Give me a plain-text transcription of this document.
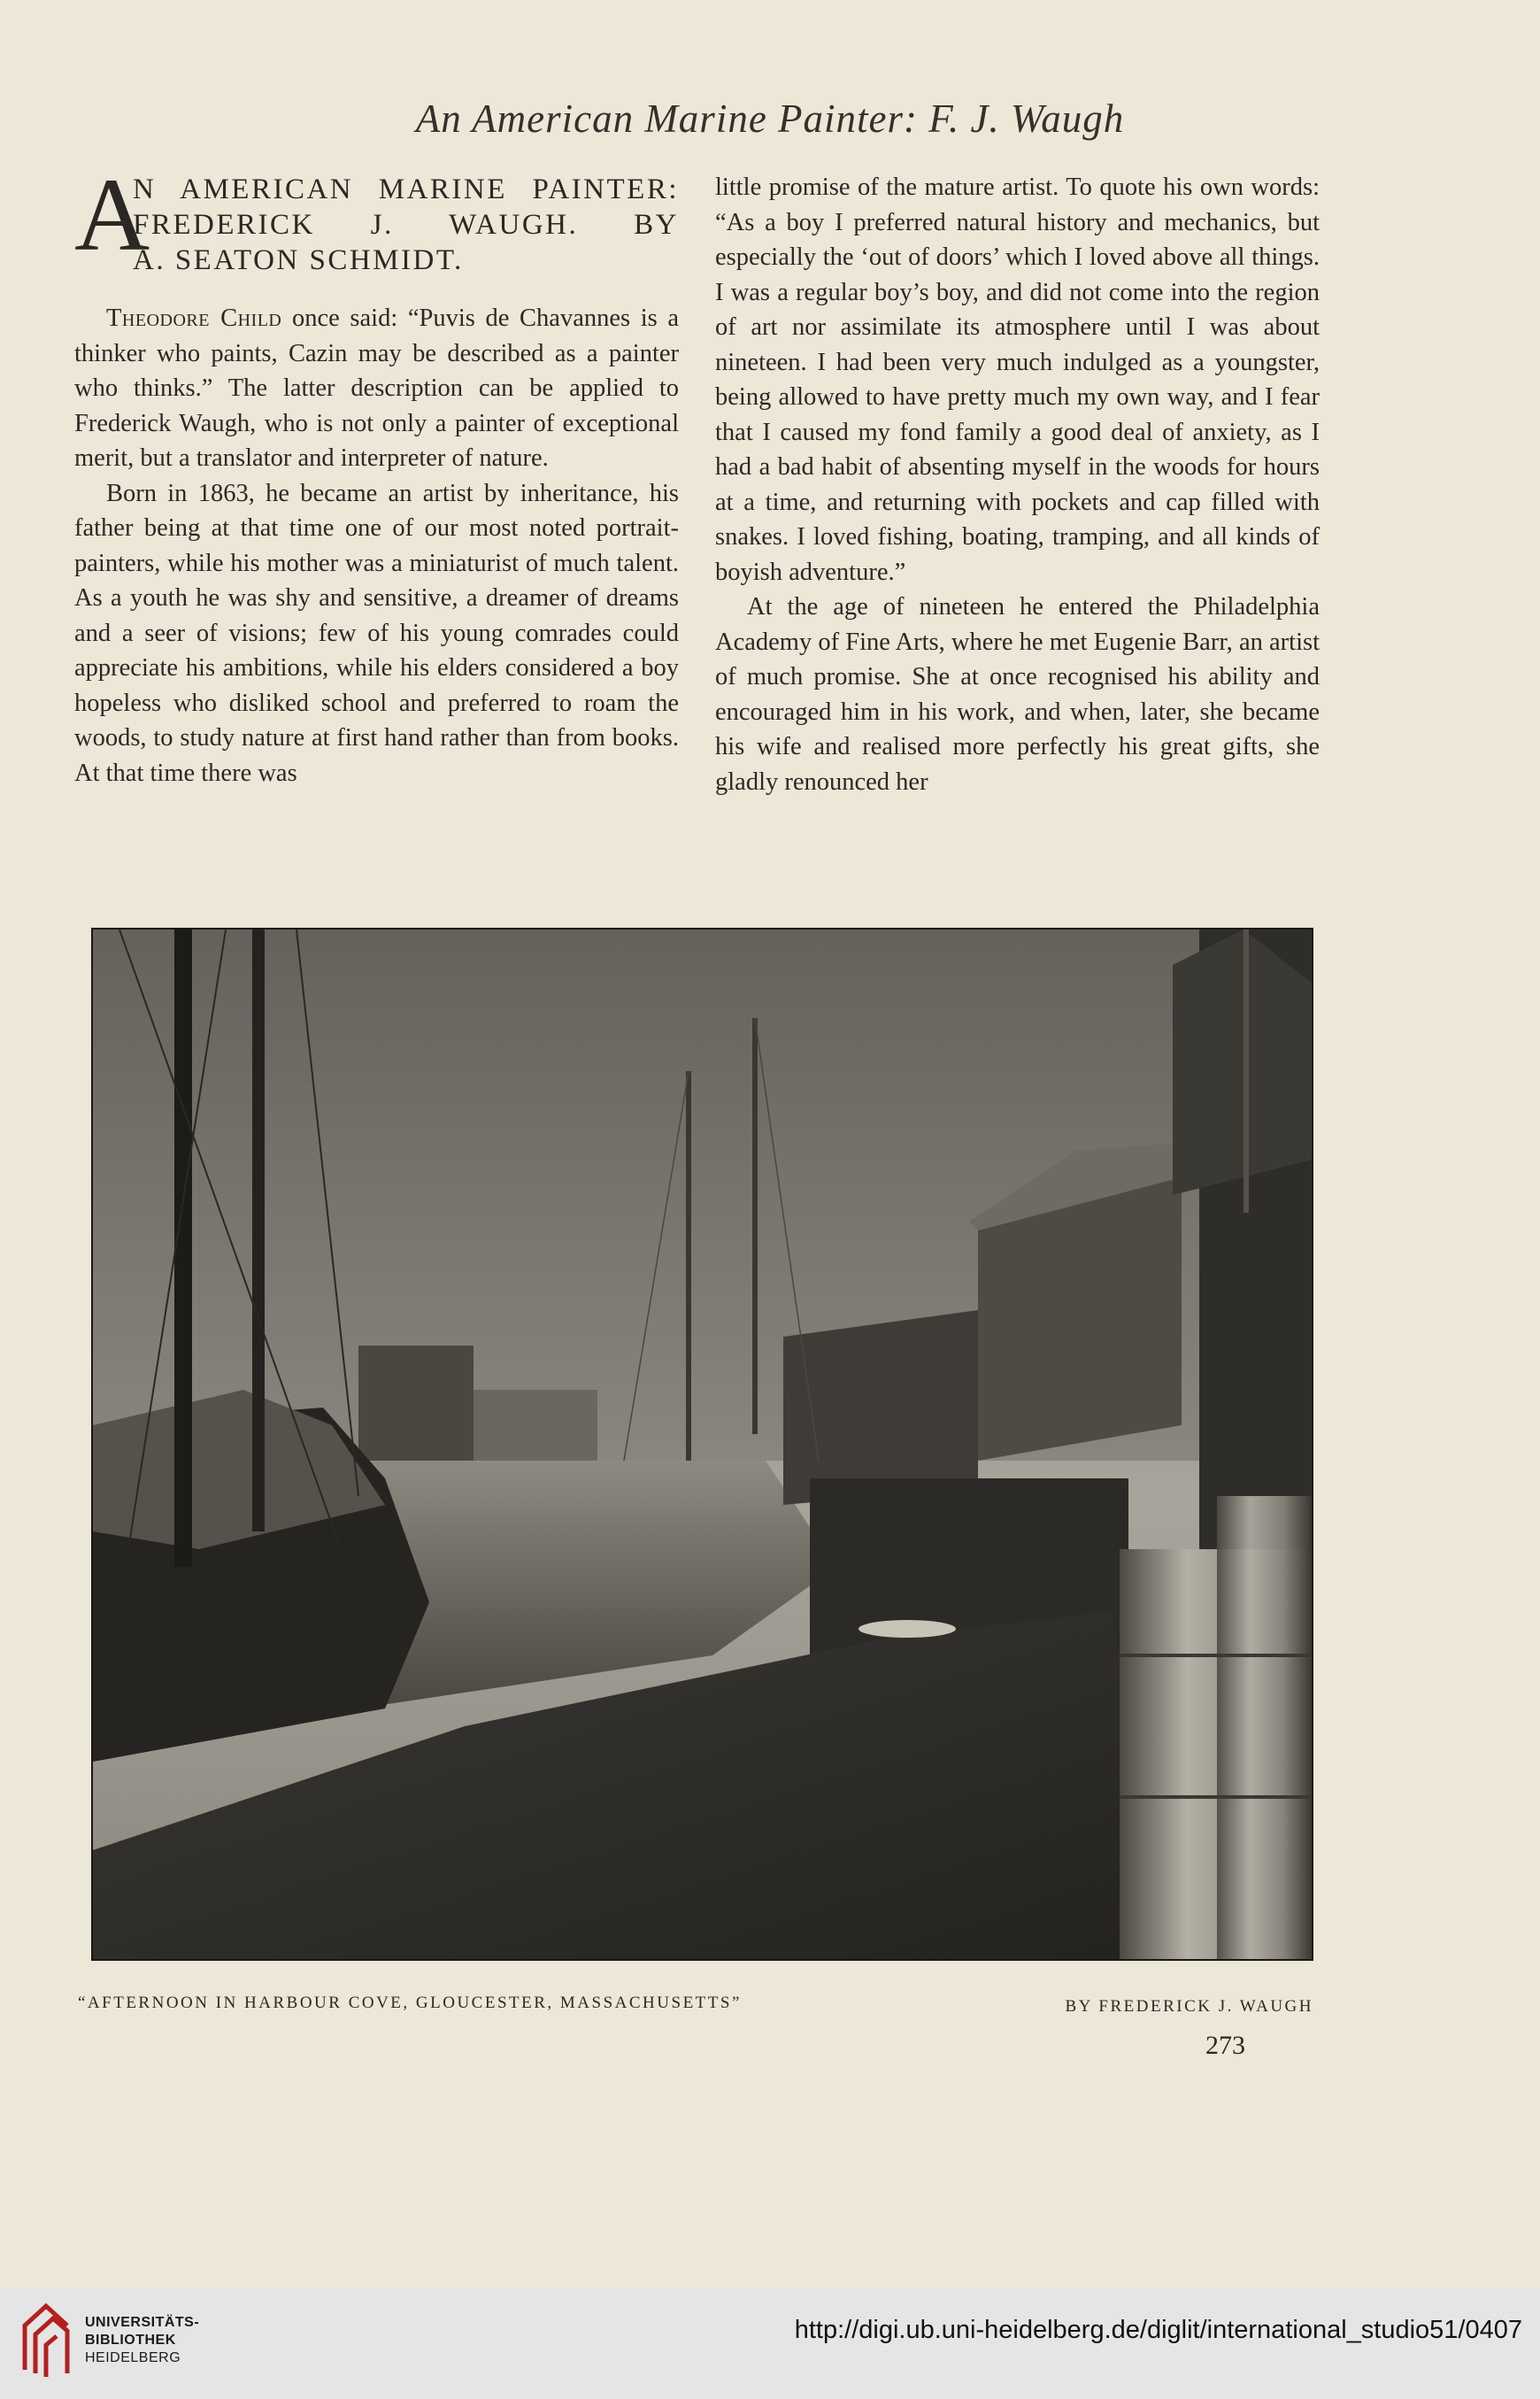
An American Marine Painter: F. J. Waugh
A
N AMERICAN MARINE PAINTER:
FREDERICK J. WAUGH. BY
A. SEATON SCHMIDT.

Theodore Child once said: “Puvis de Chavannes is a thinker who paints, Cazin may be described as a painter who thinks.” The latter description can be applied to Frederick Waugh, who is not only a painter of exceptional merit, but a translator and interpreter of nature.

Born in 1863, he became an artist by inheritance, his father being at that time one of our most noted portrait-painters, while his mother was a miniaturist of much talent. As a youth he was shy and sensitive, a dreamer of dreams and a seer of visions; few of his young comrades could appreciate his ambitions, while his elders considered a boy hopeless who disliked school and preferred to roam the woods, to study nature at first hand rather than from books. At that time there was

little promise of the mature artist. To quote his own words: “As a boy I preferred natural history and mechanics, but especially the ‘out of doors’ which I loved above all things. I was a regular boy’s boy, and did not come into the region of art nor assimilate its atmosphere until I was about nineteen. I had been very much indulged as a youngster, being allowed to have pretty much my own way, and I fear that I caused my fond family a good deal of anxiety, as I had a bad habit of absenting myself in the woods for hours at a time, and returning with pockets and cap filled with snakes. I loved fishing, boating, tramping, and all kinds of boyish adventure.”

At the age of nineteen he entered the Philadelphia Academy of Fine Arts, where he met Eugenie Barr, an artist of much promise. She at once recognised his ability and encouraged him in his work, and when, later, she became his wife and realised more perfectly his great gifts, she gladly renounced her

“AFTERNOON IN HARBOUR COVE, GLOUCESTER, MASSACHUSETTS”	BY FREDERICK J. WAUGH
273
UNIVERSITÄTS-
BIBLIOTHEK
HEIDELBERG
http://digi.ub.uni-heidelberg.de/diglit/international_studio51/0407
